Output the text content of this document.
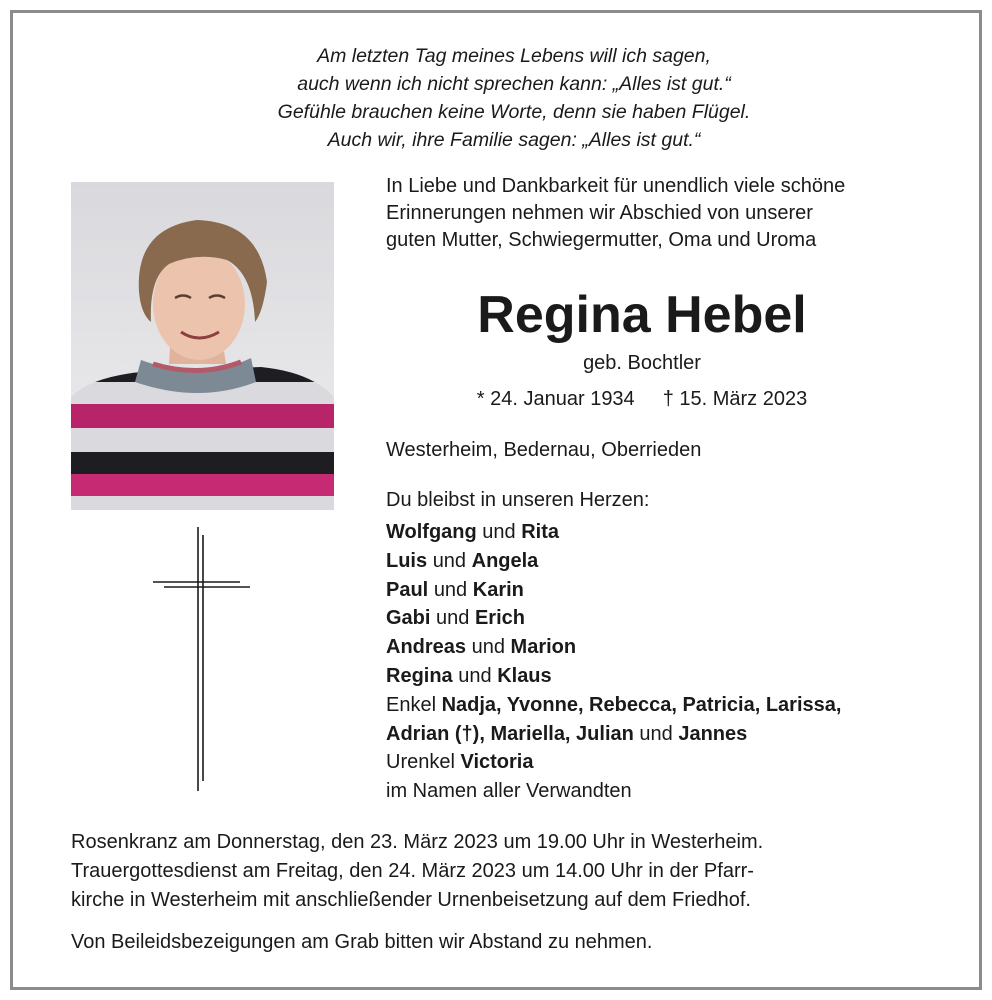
Am letzten Tag meines Lebens will ich sagen,
auch wenn ich nicht sprechen kann: „Alles ist gut.“
Gefühle brauchen keine Worte, denn sie haben Flügel.
Auch wir, ihre Familie sagen: „Alles ist gut.“
In Liebe und Dankbarkeit für unendlich viele schöne
Erinnerungen nehmen wir Abschied von unserer
guten Mutter, Schwiegermutter, Oma und Uroma
Regina Hebel
geb. Bochtler
* 24. Januar 1934 † 15. März 2023
Westerheim, Bedernau, Oberrieden
Du bleibst in unseren Herzen:
Wolfgang und Rita
Luis und Angela
Paul und Karin
Gabi und Erich
Andreas und Marion
Regina und Klaus
Enkel Nadja, Yvonne, Rebecca, Patricia, Larissa,
Adrian (†), Mariella, Julian und Jannes
Urenkel Victoria
im Namen aller Verwandten
Rosenkranz am Donnerstag, den 23. März 2023 um 19.00 Uhr in Westerheim.
Trauergottesdienst am Freitag, den 24. März 2023 um 14.00 Uhr in der Pfarr-
kirche in Westerheim mit anschließender Urnenbeisetzung auf dem Friedhof.
Von Beileidsbezeigungen am Grab bitten wir Abstand zu nehmen.
